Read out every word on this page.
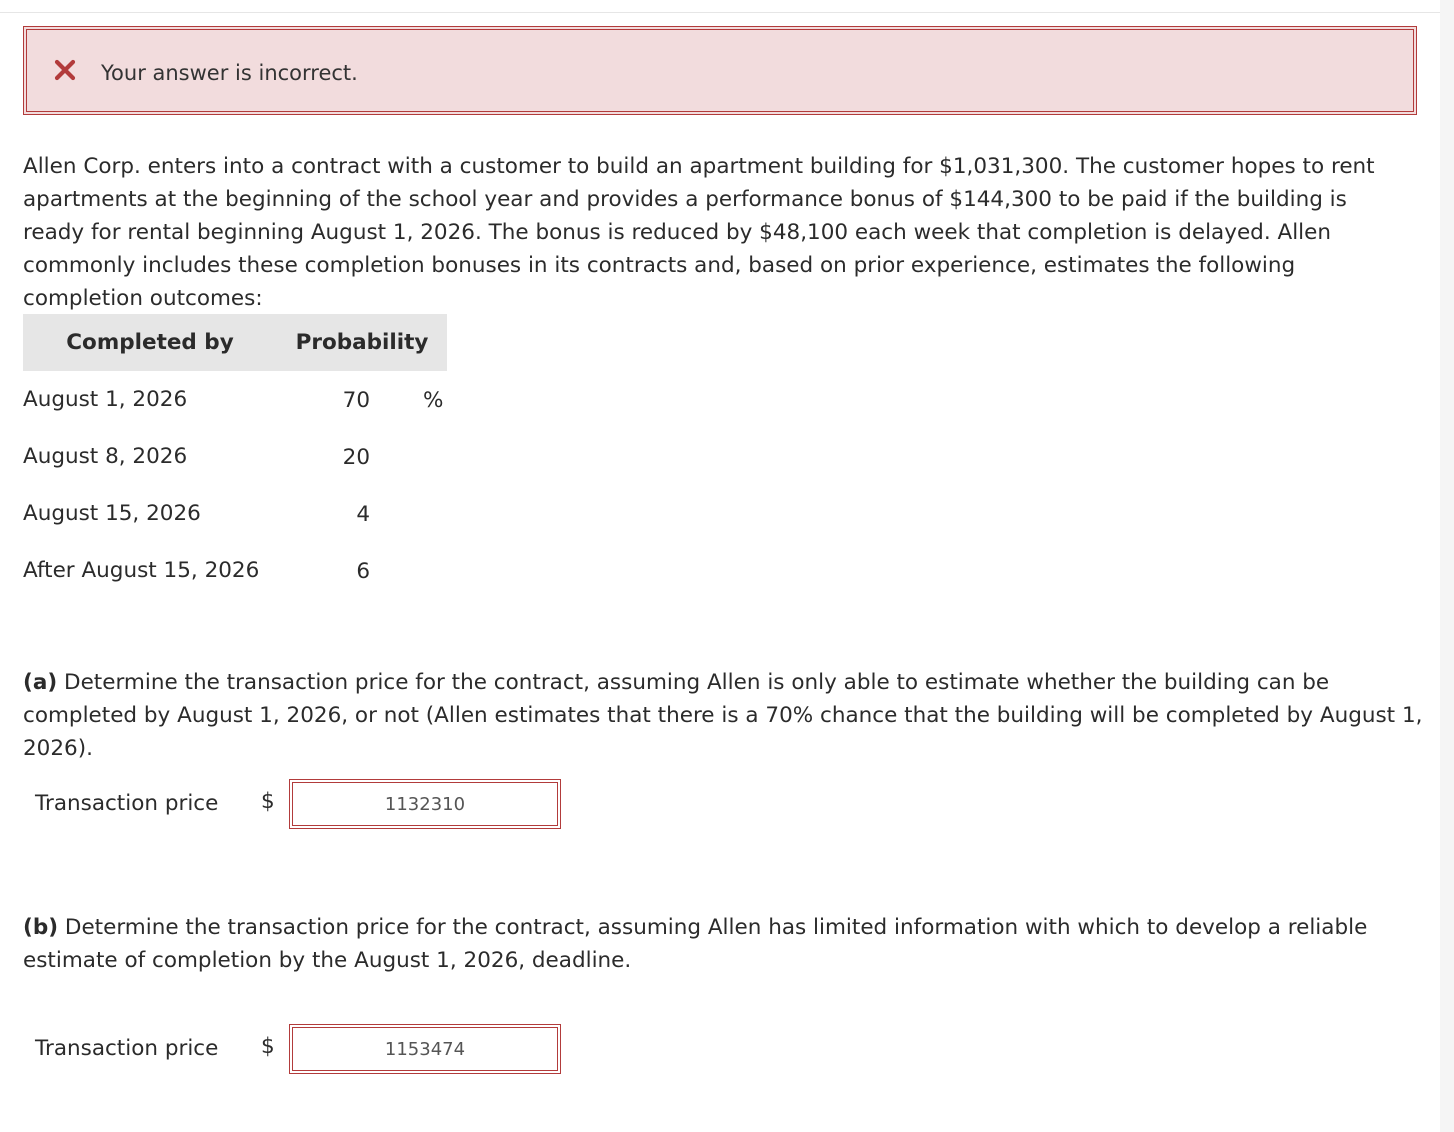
Your answer is incorrect.

Allen Corp. enters into a contract with a customer to build an apartment building for $1,031,300. The customer hopes to rent apartments at the beginning of the school year and provides a performance bonus of $144,300 to be paid if the building is ready for rental beginning August 1, 2026. The bonus is reduced by $48,100 each week that completion is delayed. Allen commonly includes these completion bonuses in its contracts and, based on prior experience, estimates the following completion outcomes:

Completed by	Probability
August 1, 2026	70 %

August 8, 2026	20

August 15, 2026	4

After August 15, 2026	6

(a) Determine the transaction price for the contract, assuming Allen is only able to estimate whether the building can be completed by August 1, 2026, or not (Allen estimates that there is a 70% chance that the building will be completed by August 1, 2026).

Transaction price $
1132310

(b) Determine the transaction price for the contract, assuming Allen has limited information with which to develop a reliable estimate of completion by the August 1, 2026, deadline.

Transaction price $
1153474
